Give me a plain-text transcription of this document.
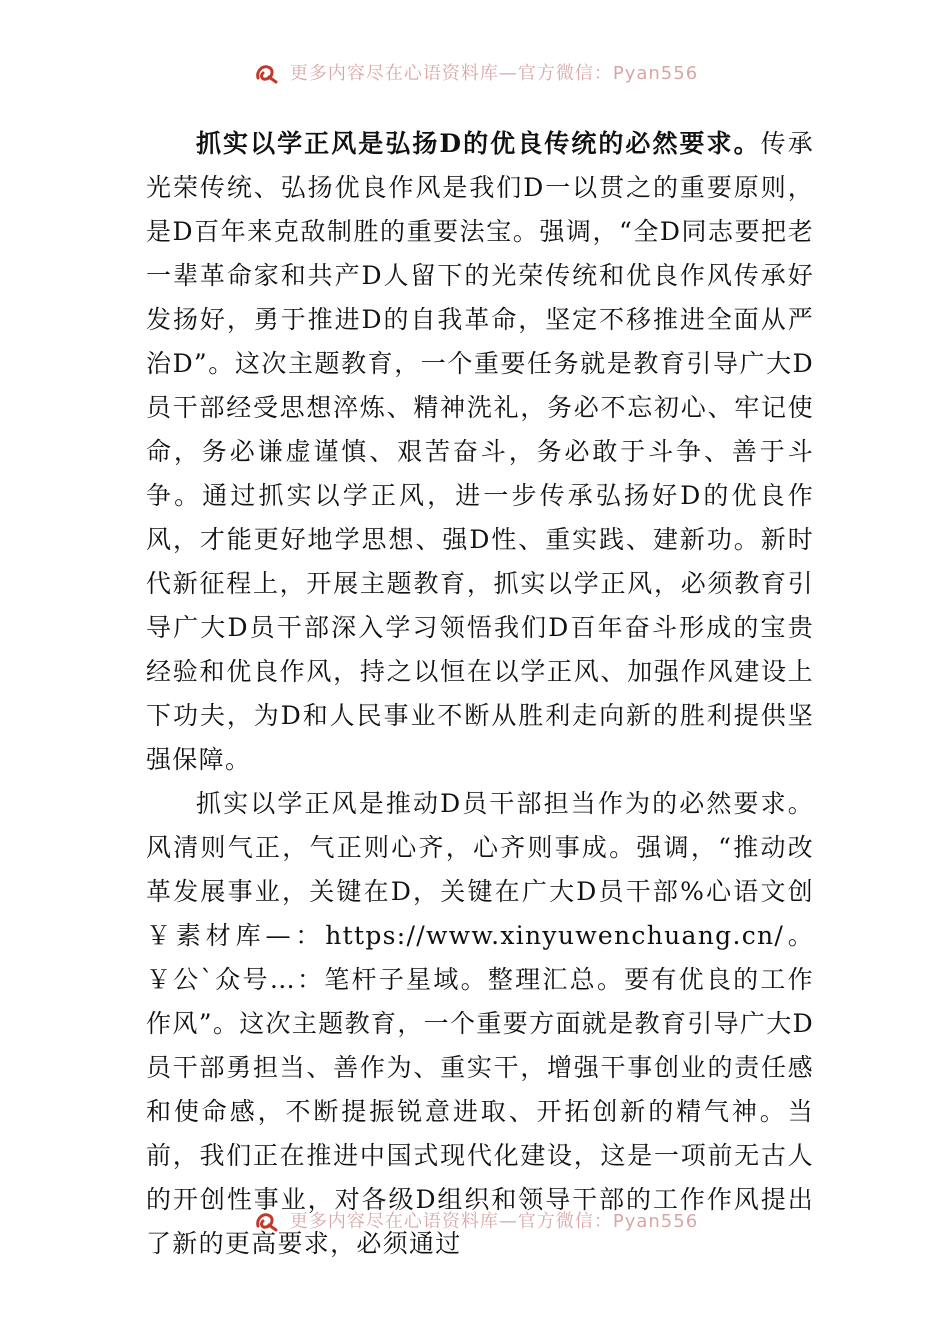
更多内容尽在心语资料库—官方微信：Pyan556

抓实以学正风是弘扬D的优良传统的必然要求。传承光荣传统、弘扬优良作风是我们D一以贯之的重要原则，是D百年来克敌制胜的重要法宝。强调，“全D同志要把老一辈革命家和共产D人留下的光荣传统和优良作风传承好发扬好，勇于推进D的自我革命，坚定不移推进全面从严治D”。这次主题教育，一个重要任务就是教育引导广大D员干部经受思想淬炼、精神洗礼，务必不忘初心、牢记使命，务必谦虚谨慎、艰苦奋斗，务必敢于斗争、善于斗争。通过抓实以学正风，进一步传承弘扬好D的优良作风，才能更好地学思想、强D性、重实践、建新功。新时代新征程上，开展主题教育，抓实以学正风，必须教育引导广大D员干部深入学习领悟我们D百年奋斗形成的宝贵经验和优良作风，持之以恒在以学正风、加强作风建设上下功夫，为D和人民事业不断从胜利走向新的胜利提供坚强保障。

抓实以学正风是推动D员干部担当作为的必然要求。风清则气正，气正则心齐，心齐则事成。强调，“推动改革发展事业，关键在D，关键在广大D员干部%心语文创￥素材库—：https://www.xinyuwenchuang.cn/。￥公`众号…：笔杆子星域。整理汇总。要有优良的工作作风”。这次主题教育，一个重要方面就是教育引导广大D员干部勇担当、善作为、重实干，增强干事创业的责任感和使命感，不断提振锐意进取、开拓创新的精气神。当前，我们正在推进中国式现代化建设，这是一项前无古人的开创性事业，对各级D组织和领导干部的工作作风提出了新的更高要求，必须通过

更多内容尽在心语资料库—官方微信：Pyan556
